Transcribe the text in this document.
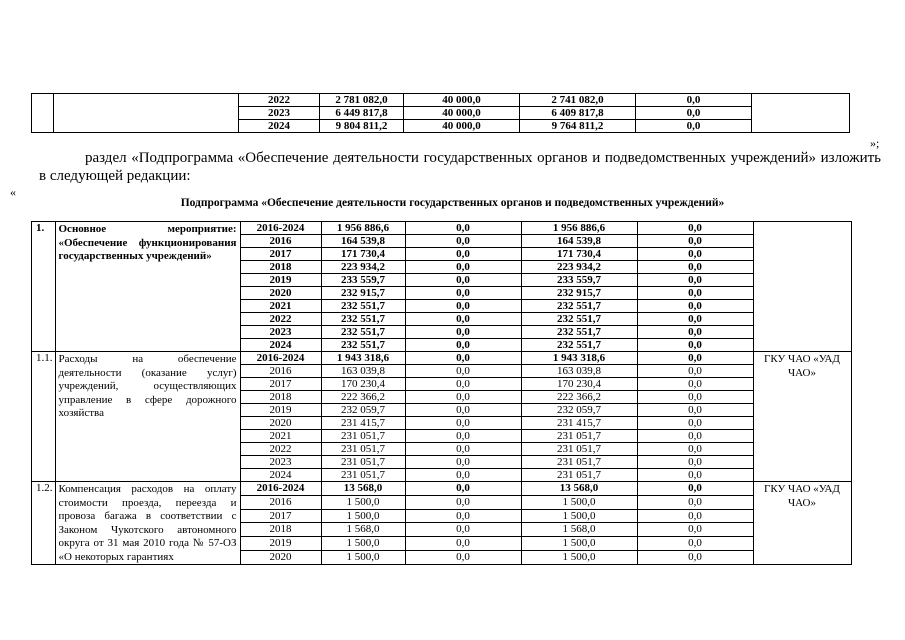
		2022	2 781 082,0	40 000,0	2 741 082,0	0,0	
		2023	6 449 817,8	40 000,0	6 409 817,8	0,0	
		2024	9 804 811,2	40 000,0	9 764 811,2	0,0	
»;
раздел «Подпрограмма «Обеспечение деятельности государственных органов и подведомственных учреждений» изложить
в следующей редакции:
«
Подпрограмма «Обеспечение деятельности государственных органов и подведомственных учреждений»
1.	Основное мероприятие: «Обеспечение функционирования государственных учреждений»	2016-2024	1 956 886,6	0,0	1 956 886,6	0,0	
		2016	164 539,8	0,0	164 539,8	0,0	
		2017	171 730,4	0,0	171 730,4	0,0	
		2018	223 934,2	0,0	223 934,2	0,0	
		2019	233 559,7	0,0	233 559,7	0,0	
		2020	232 915,7	0,0	232 915,7	0,0	
		2021	232 551,7	0,0	232 551,7	0,0	
		2022	232 551,7	0,0	232 551,7	0,0	
		2023	232 551,7	0,0	232 551,7	0,0	
		2024	232 551,7	0,0	232 551,7	0,0	
1.1.	Расходы на обеспечение деятельности (оказание услуг) учреждений, осуществляющих управление в сфере дорожного хозяйства	2016-2024	1 943 318,6	0,0	1 943 318,6	0,0	ГКУ ЧАО «УАД ЧАО»
		2016	163 039,8	0,0	163 039,8	0,0	
		2017	170 230,4	0,0	170 230,4	0,0	
		2018	222 366,2	0,0	222 366,2	0,0	
		2019	232 059,7	0,0	232 059,7	0,0	
		2020	231 415,7	0,0	231 415,7	0,0	
		2021	231 051,7	0,0	231 051,7	0,0	
		2022	231 051,7	0,0	231 051,7	0,0	
		2023	231 051,7	0,0	231 051,7	0,0	
		2024	231 051,7	0,0	231 051,7	0,0	
1.2.	Компенсация расходов на оплату стоимости проезда, переезда и провоза багажа в соответствии с Законом Чукотского автономного округа от 31 мая 2010 года № 57-ОЗ «О некоторых гарантиях	2016-2024	13 568,0	0,0	13 568,0	0,0	ГКУ ЧАО «УАД ЧАО»
		2016	1 500,0	0,0	1 500,0	0,0	
		2017	1 500,0	0,0	1 500,0	0,0	
		2018	1 568,0	0,0	1 568,0	0,0	
		2019	1 500,0	0,0	1 500,0	0,0	
		2020	1 500,0	0,0	1 500,0	0,0	
